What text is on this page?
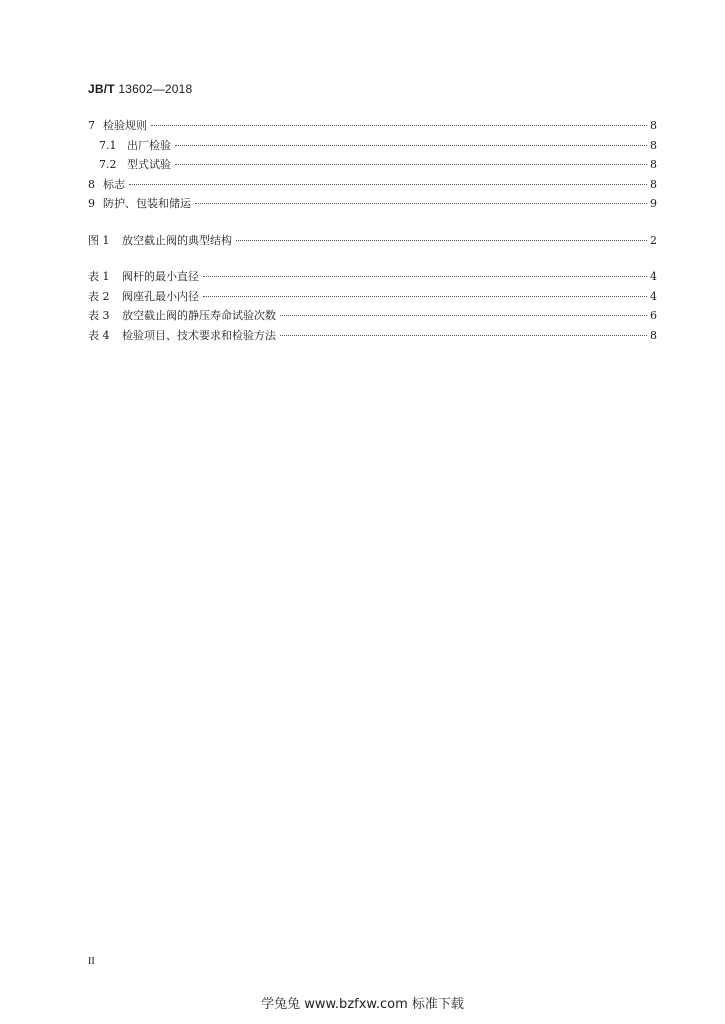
JB/T 13602—2018
7 检验规则	8
7.1 出厂检验	8
7.2 型式试验	8
8 标志	8
9 防护、包装和储运	9
图 1	放空截止阀的典型结构	2
表 1	阀杆的最小直径	4
表 2	阀座孔最小内径	4
表 3	放空截止阀的静压寿命试验次数	6
表 4	检验项目、技术要求和检验方法	8
II
学兔兔 www.bzfxw.com 标准下载
